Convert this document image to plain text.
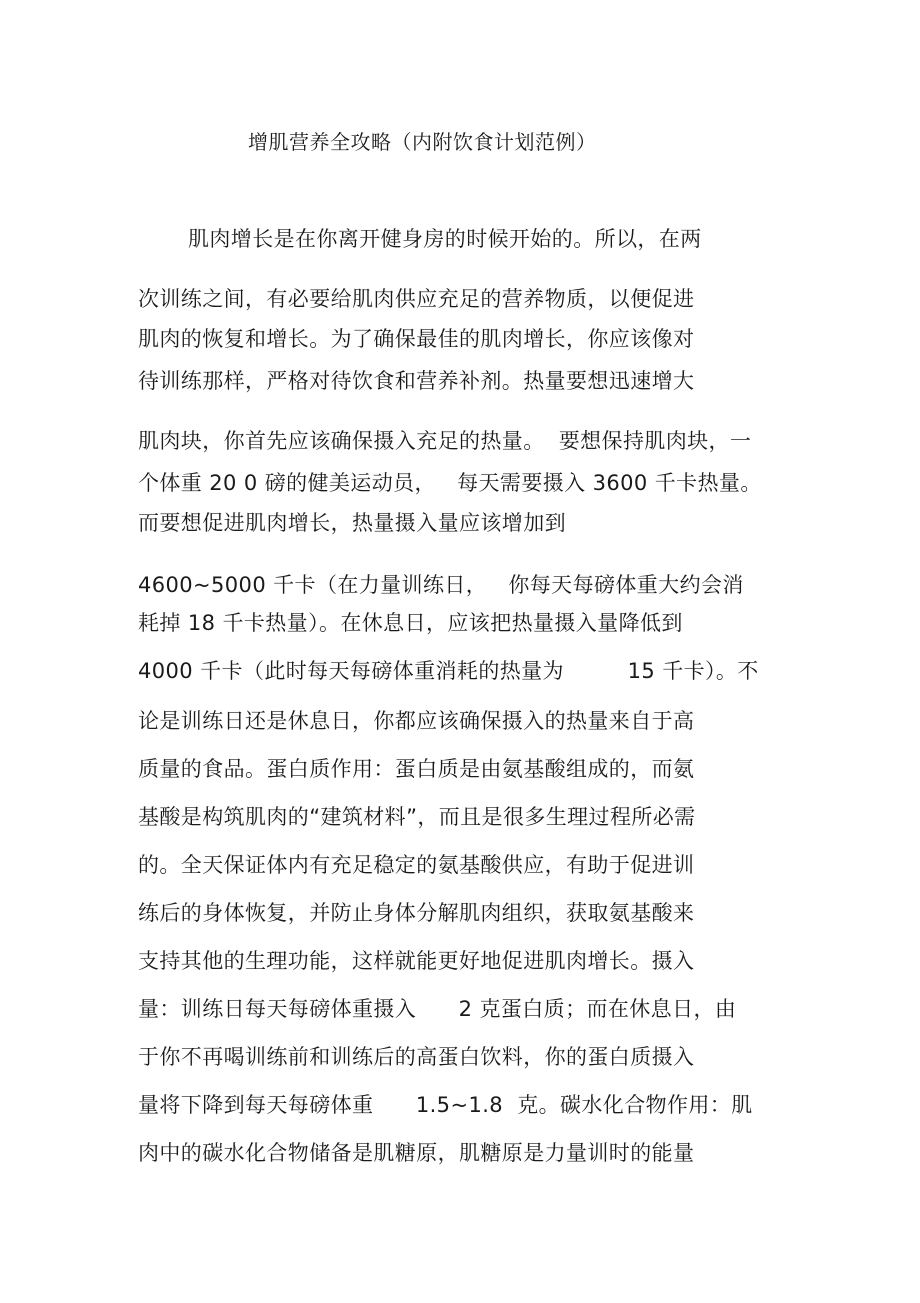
增肌营养全攻略（内附饮食计划范例）
肌肉增长是在你离开健身房的时候开始的。所以，在两
次训练之间，有必要给肌肉供应充足的营养物质，以便促进
肌肉的恢复和增长。为了确保最佳的肌肉增长，你应该像对
待训练那样，严格对待饮食和营养补剂。热量要想迅速增大
肌肉块，你首先应该确保摄入充足的热量。  要想保持肌肉块，一
个体重 20 0 磅的健美运动员，   每天需要摄入 3600 千卡热量。
而要想促进肌肉增长，热量摄入量应该增加到
4600~5000 千卡（在力量训练日，   你每天每磅体重大约会消
耗掉 18 千卡热量）。在休息日，应该把热量摄入量降低到
4000 千卡（此时每天每磅体重消耗的热量为         15 千卡）。不
论是训练日还是休息日，你都应该确保摄入的热量来自于高
质量的食品。蛋白质作用：蛋白质是由氨基酸组成的，而氨
基酸是构筑肌肉的“建筑材料”，而且是很多生理过程所必需
的。全天保证体内有充足稳定的氨基酸供应，有助于促进训
练后的身体恢复，并防止身体分解肌肉组织，获取氨基酸来
支持其他的生理功能，这样就能更好地促进肌肉增长。摄入
量：训练日每天每磅体重摄入      2 克蛋白质；而在休息日，由
于你不再喝训练前和训练后的高蛋白饮料，你的蛋白质摄入
量将下降到每天每磅体重      1.5~1.8  克。碳水化合物作用：肌
肉中的碳水化合物储备是肌糖原，肌糖原是力量训时的能量
